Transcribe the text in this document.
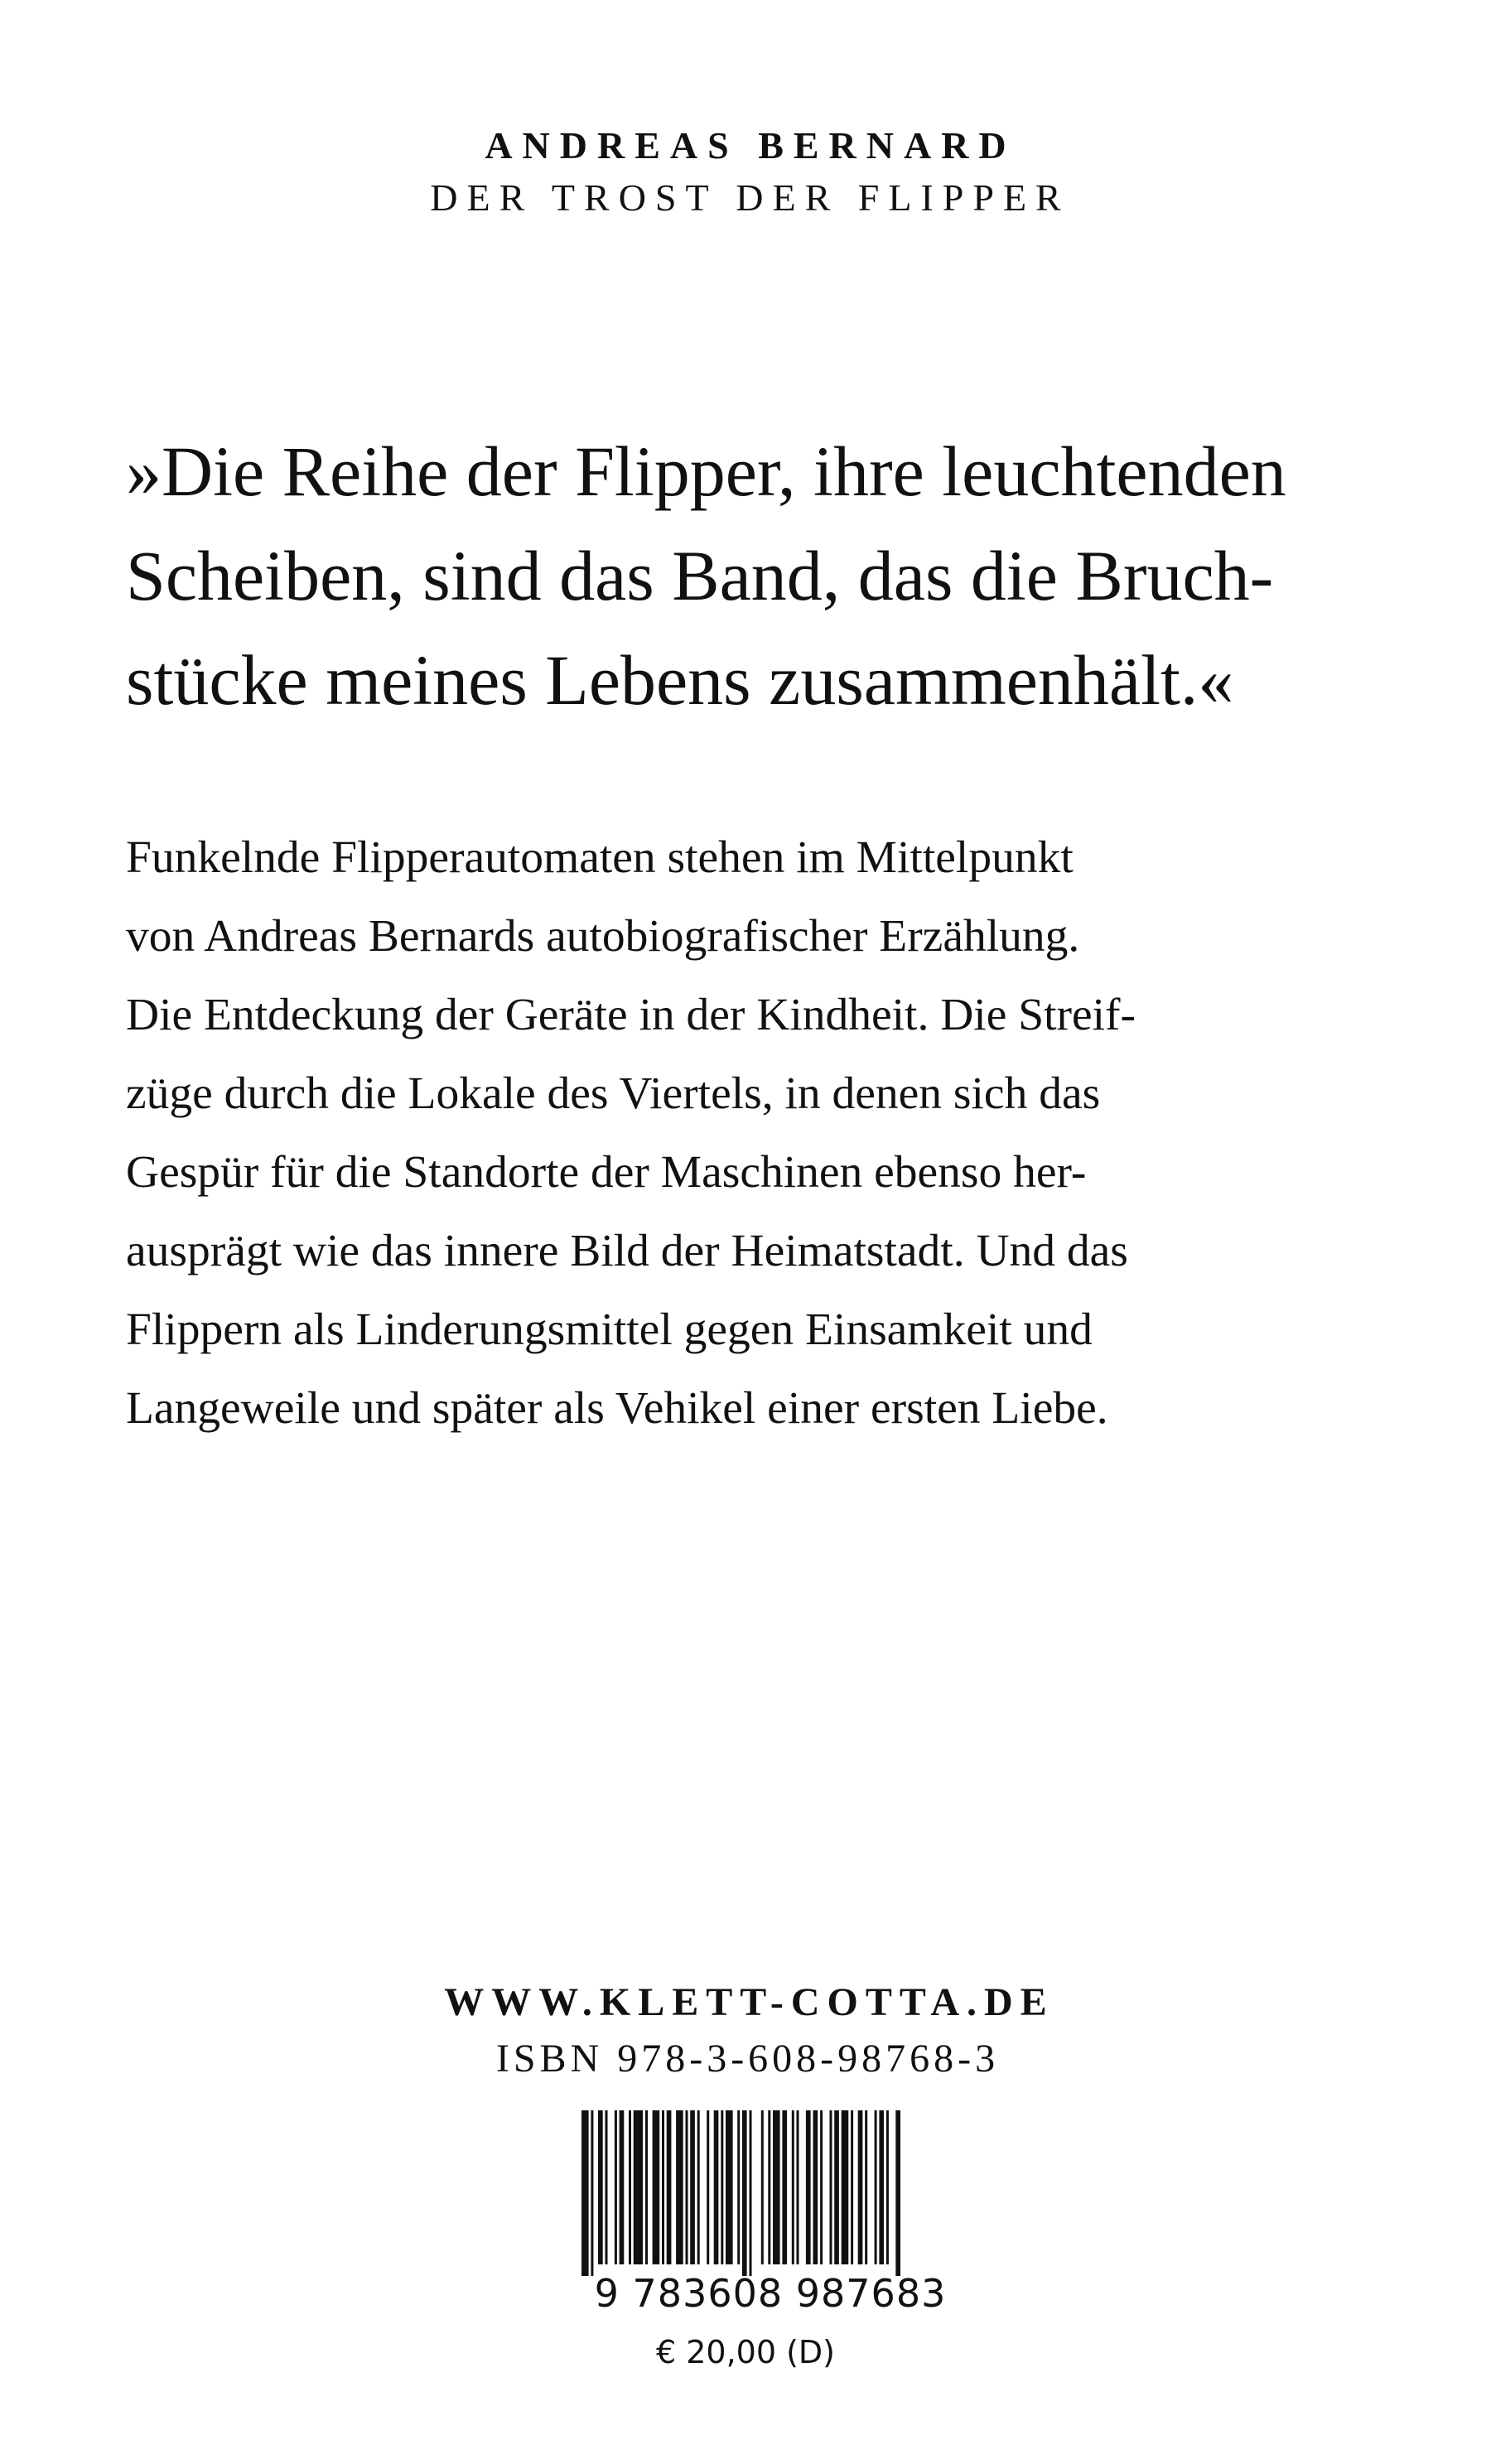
ANDREAS BERNARD
DER TROST DER FLIPPER

»Die Reihe der Flipper, ihre leuchtenden
Scheiben, sind das Band, das die Bruch-
stücke meines Lebens zusammenhält.«

Funkelnde Flipperautomaten stehen im Mittelpunkt
von Andreas Bernards autobiografischer Erzählung.
Die Entdeckung der Geräte in der Kindheit. Die Streif-
züge durch die Lokale des Viertels, in denen sich das
Gespür für die Standorte der Maschinen ebenso her-
ausprägt wie das innere Bild der Heimatstadt. Und das
Flippern als Linderungsmittel gegen Einsamkeit und
Langeweile und später als Vehikel einer ersten Liebe.

WWW.KLETT-COTTA.DE
ISBN 978-3-608-98768-3
9 783608 987683
€ 20,00 (D)
